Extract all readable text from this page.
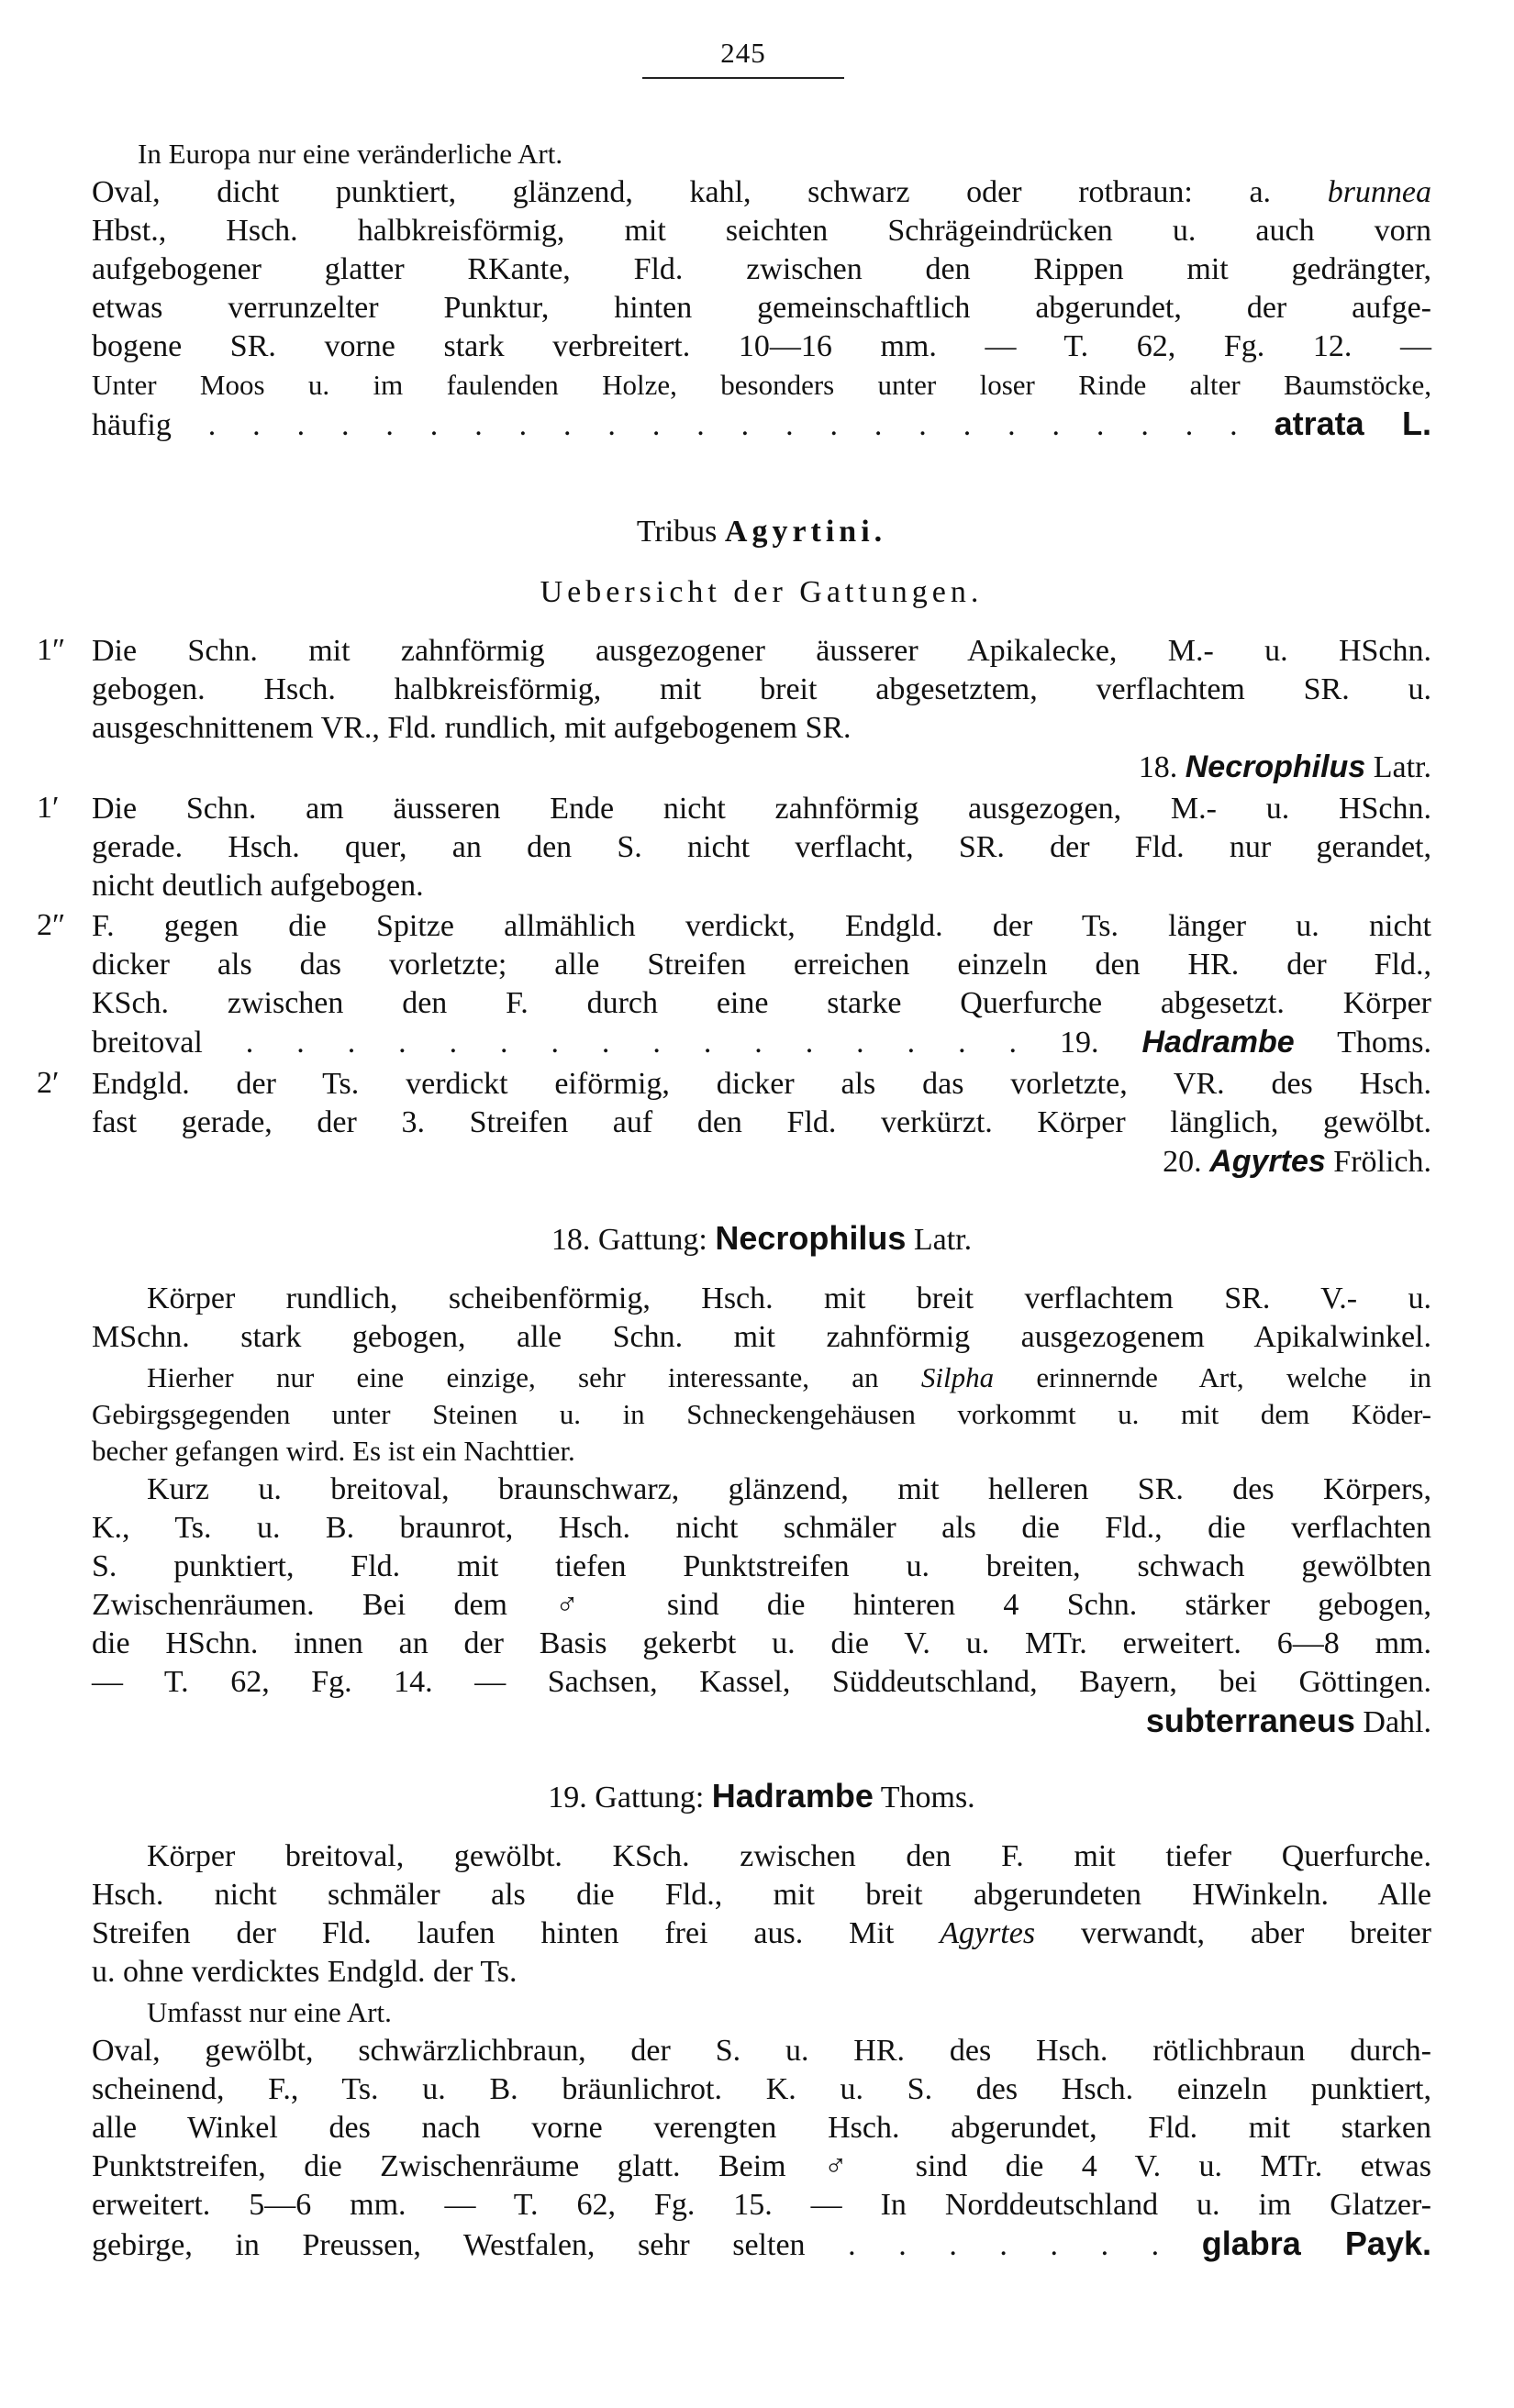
245
In Europa nur eine veränderliche Art.
Oval, dicht punktiert, glänzend, kahl, schwarz oder rotbraun: a. brunnea
Hbst., Hsch. halbkreisförmig, mit seichten Schrägeindrücken u. auch vorn
aufgebogener glatter RKante, Fld. zwischen den Rippen mit gedrängter,
etwas verrunzelter Punktur, hinten gemeinschaftlich abgerundet, der aufge-
bogene SR. vorne stark verbreitert. 10—16 mm. — T. 62, Fg. 12. —
Unter Moos u. im faulenden Holze, besonders unter loser Rinde alter Baumstöcke,
häufig . . . . . . . . . . . . . . . . . . . . . . . . atrata L.
Tribus Agyrtini.
Uebersicht der Gattungen.
1″ Die Schn. mit zahnförmig ausgezogener äusserer Apikalecke, M.- u. HSchn.
gebogen. Hsch. halbkreisförmig, mit breit abgesetztem, verflachtem SR. u.
ausgeschnittenem VR., Fld. rundlich, mit aufgebogenem SR.
18. Necrophilus Latr.
1′ Die Schn. am äusseren Ende nicht zahnförmig ausgezogen, M.- u. HSchn.
gerade. Hsch. quer, an den S. nicht verflacht, SR. der Fld. nur gerandet,
nicht deutlich aufgebogen.
2″ F. gegen die Spitze allmählich verdickt, Endgld. der Ts. länger u. nicht
dicker als das vorletzte; alle Streifen erreichen einzeln den HR. der Fld.,
KSch. zwischen den F. durch eine starke Querfurche abgesetzt. Körper
breitoval . . . . . . . . . . . . . . . . 19. Hadrambe Thoms.
2′ Endgld. der Ts. verdickt eiförmig, dicker als das vorletzte, VR. des Hsch.
fast gerade, der 3. Streifen auf den Fld. verkürzt. Körper länglich, gewölbt.
20. Agyrtes Frölich.
18. Gattung: Necrophilus Latr.
Körper rundlich, scheibenförmig, Hsch. mit breit verflachtem SR. V.- u.
MSchn. stark gebogen, alle Schn. mit zahnförmig ausgezogenem Apikalwinkel.
Hierher nur eine einzige, sehr interessante, an Silpha erinnernde Art, welche in
Gebirgsgegenden unter Steinen u. in Schneckengehäusen vorkommt u. mit dem Köder-
becher gefangen wird. Es ist ein Nachttier.
Kurz u. breitoval, braunschwarz, glänzend, mit helleren SR. des Körpers,
K., Ts. u. B. braunrot, Hsch. nicht schmäler als die Fld., die verflachten
S. punktiert, Fld. mit tiefen Punktstreifen u. breiten, schwach gewölbten
Zwischenräumen. Bei dem ♂ sind die hinteren 4 Schn. stärker gebogen,
die HSchn. innen an der Basis gekerbt u. die V. u. MTr. erweitert. 6—8 mm.
— T. 62, Fg. 14. — Sachsen, Kassel, Süddeutschland, Bayern, bei Göttingen.
subterraneus Dahl.
19. Gattung: Hadrambe Thoms.
Körper breitoval, gewölbt. KSch. zwischen den F. mit tiefer Querfurche.
Hsch. nicht schmäler als die Fld., mit breit abgerundeten HWinkeln. Alle
Streifen der Fld. laufen hinten frei aus. Mit Agyrtes verwandt, aber breiter
u. ohne verdicktes Endgld. der Ts.
Umfasst nur eine Art.
Oval, gewölbt, schwärzlichbraun, der S. u. HR. des Hsch. rötlichbraun durch-
scheinend, F., Ts. u. B. bräunlichrot. K. u. S. des Hsch. einzeln punktiert,
alle Winkel des nach vorne verengten Hsch. abgerundet, Fld. mit starken
Punktstreifen, die Zwischenräume glatt. Beim ♂ sind die 4 V. u. MTr. etwas
erweitert. 5—6 mm. — T. 62, Fg. 15. — In Norddeutschland u. im Glatzer-
gebirge, in Preussen, Westfalen, sehr selten . . . . . . . glabra Payk.
